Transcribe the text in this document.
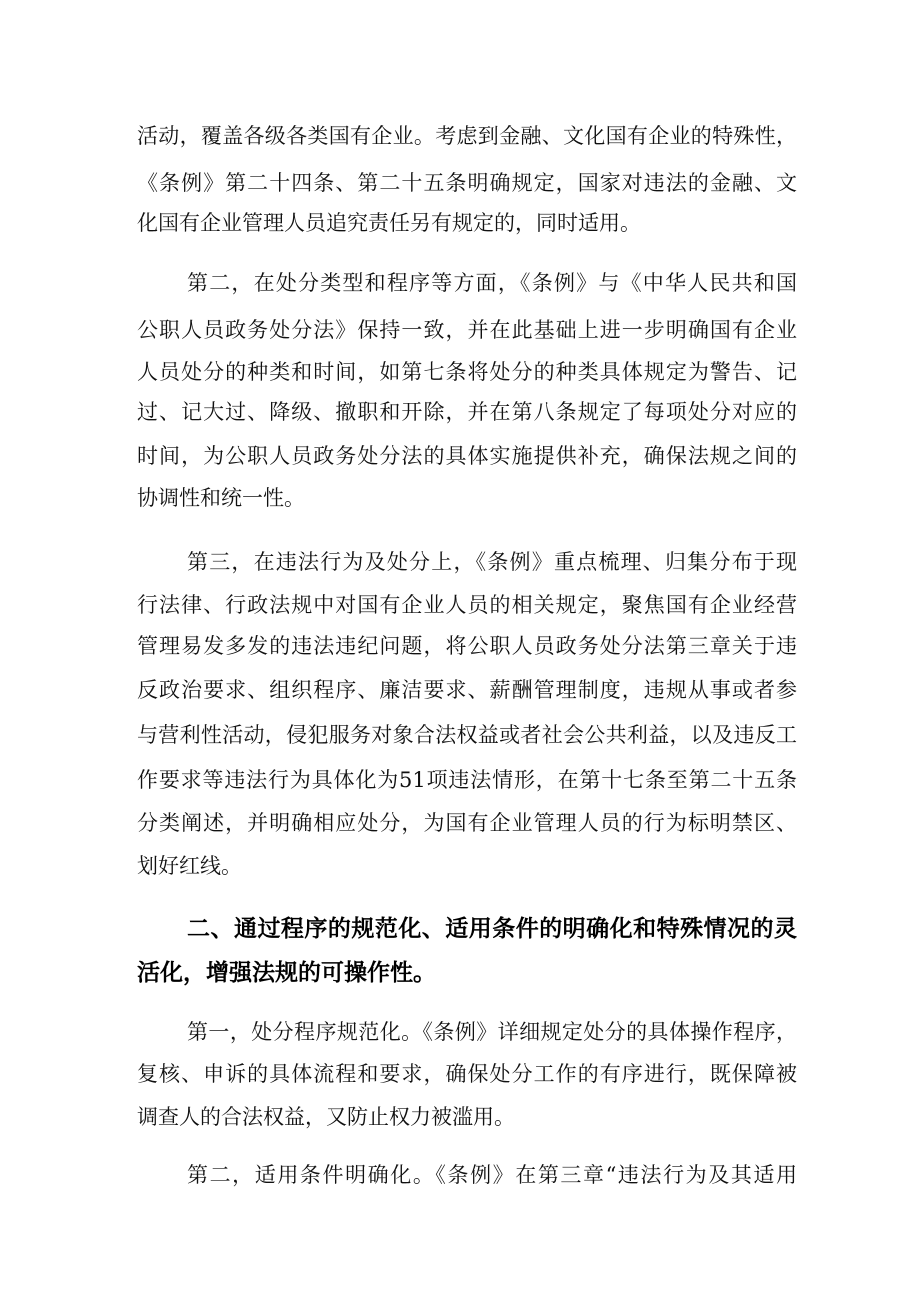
活动，覆盖各级各类国有企业。考虑到金融、文化国有企业的特殊性，
《条例》第二十四条、第二十五条明确规定，国家对违法的金融、文
化国有企业管理人员追究责任另有规定的，同时适用。
第二，在处分类型和程序等方面，《条例》与《中华人民共和国
公职人员政务处分法》保持一致，并在此基础上进一步明确国有企业
人员处分的种类和时间，如第七条将处分的种类具体规定为警告、记
过、记大过、降级、撤职和开除，并在第八条规定了每项处分对应的
时间，为公职人员政务处分法的具体实施提供补充，确保法规之间的
协调性和统一性。
第三，在违法行为及处分上，《条例》重点梳理、归集分布于现
行法律、行政法规中对国有企业人员的相关规定，聚焦国有企业经营
管理易发多发的违法违纪问题，将公职人员政务处分法第三章关于违
反政治要求、组织程序、廉洁要求、薪酬管理制度，违规从事或者参
与营利性活动，侵犯服务对象合法权益或者社会公共利益，以及违反工
作要求等违法行为具体化为51项违法情形，在第十七条至第二十五条
分类阐述，并明确相应处分，为国有企业管理人员的行为标明禁区、
划好红线。
二、通过程序的规范化、适用条件的明确化和特殊情况的灵
活化，增强法规的可操作性。
第一，处分程序规范化。《条例》详细规定处分的具体操作程序，
复核、申诉的具体流程和要求，确保处分工作的有序进行，既保障被
调查人的合法权益，又防止权力被滥用。
第二，适用条件明确化。《条例》在第三章“违法行为及其适用
